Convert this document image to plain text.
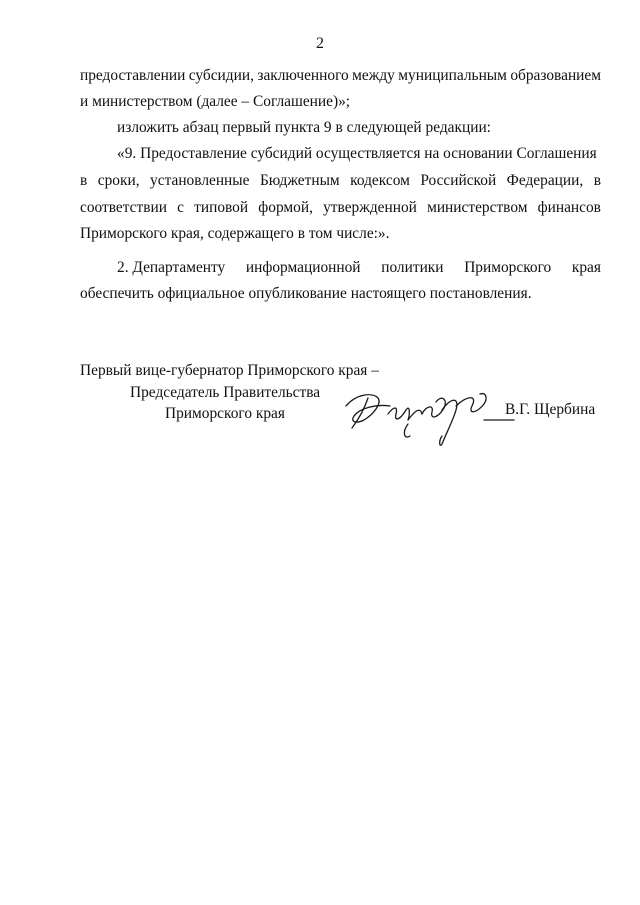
2
предоставлении субсидии, заключенного между муниципальным образованием
и министерством (далее – Соглашение)»;
изложить абзац первый пункта 9 в следующей редакции:
«9. Предоставление субсидий осуществляется на основании Соглашения
в сроки, установленные Бюджетным кодексом Российской Федерации, в
соответствии с типовой формой, утвержденной министерством финансов
Приморского края, содержащего в том числе:».
2. Департаменту информационной политики Приморского края
обеспечить официальное опубликование настоящего постановления.
Первый вице-губернатор Приморского края –
Председатель Правительства
Приморского края	В.Г. Щербина
